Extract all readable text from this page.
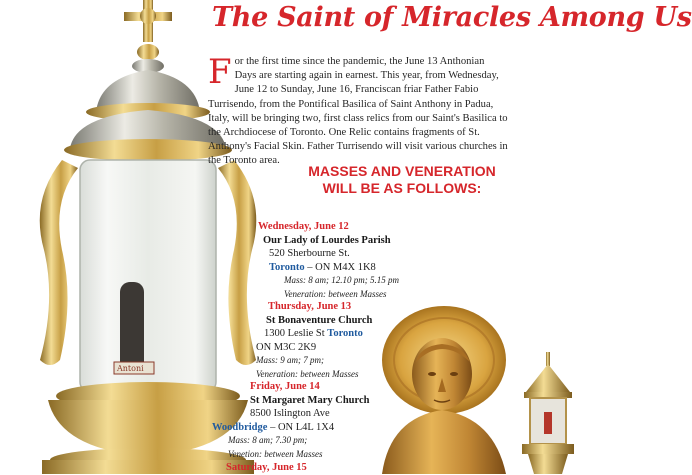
Antoni
The Saint of Miracles Among Us
For the first time since the pandemic, the June 13 Anthonian Days are starting again in earnest. This year, from Wednesday, June 12 to Sunday, June 16, Franciscan friar Father Fabio Turrisendo, from the Pontifical Basilica of Saint Anthony in Padua, Italy, will be bringing two, first class relics from our Saint's Basilica to the Archdiocese of Toronto. One Relic contains fragments of St. Anthony's Facial Skin. Father Turrisendo will visit various churches in the Toronto area.
MASSES AND VENERATION
WILL BE AS FOLLOWS:
Wednesday, June 12
Our Lady of Lourdes Parish
520 Sherbourne St.
Toronto – ON M4X 1K8
Mass: 8 am; 12.10 pm; 5.15 pm
Veneration: between Masses
Thursday, June 13
St Bonaventure Church
1300 Leslie St Toronto
ON M3C 2K9
Mass: 9 am; 7 pm;
Veneration: between Masses
Friday, June 14
St Margaret Mary Church
8500 Islington Ave
Woodbridge – ON L4L 1X4
Mass: 8 am; 7.30 pm;
Venetion: between Masses
Saturday, June 15
